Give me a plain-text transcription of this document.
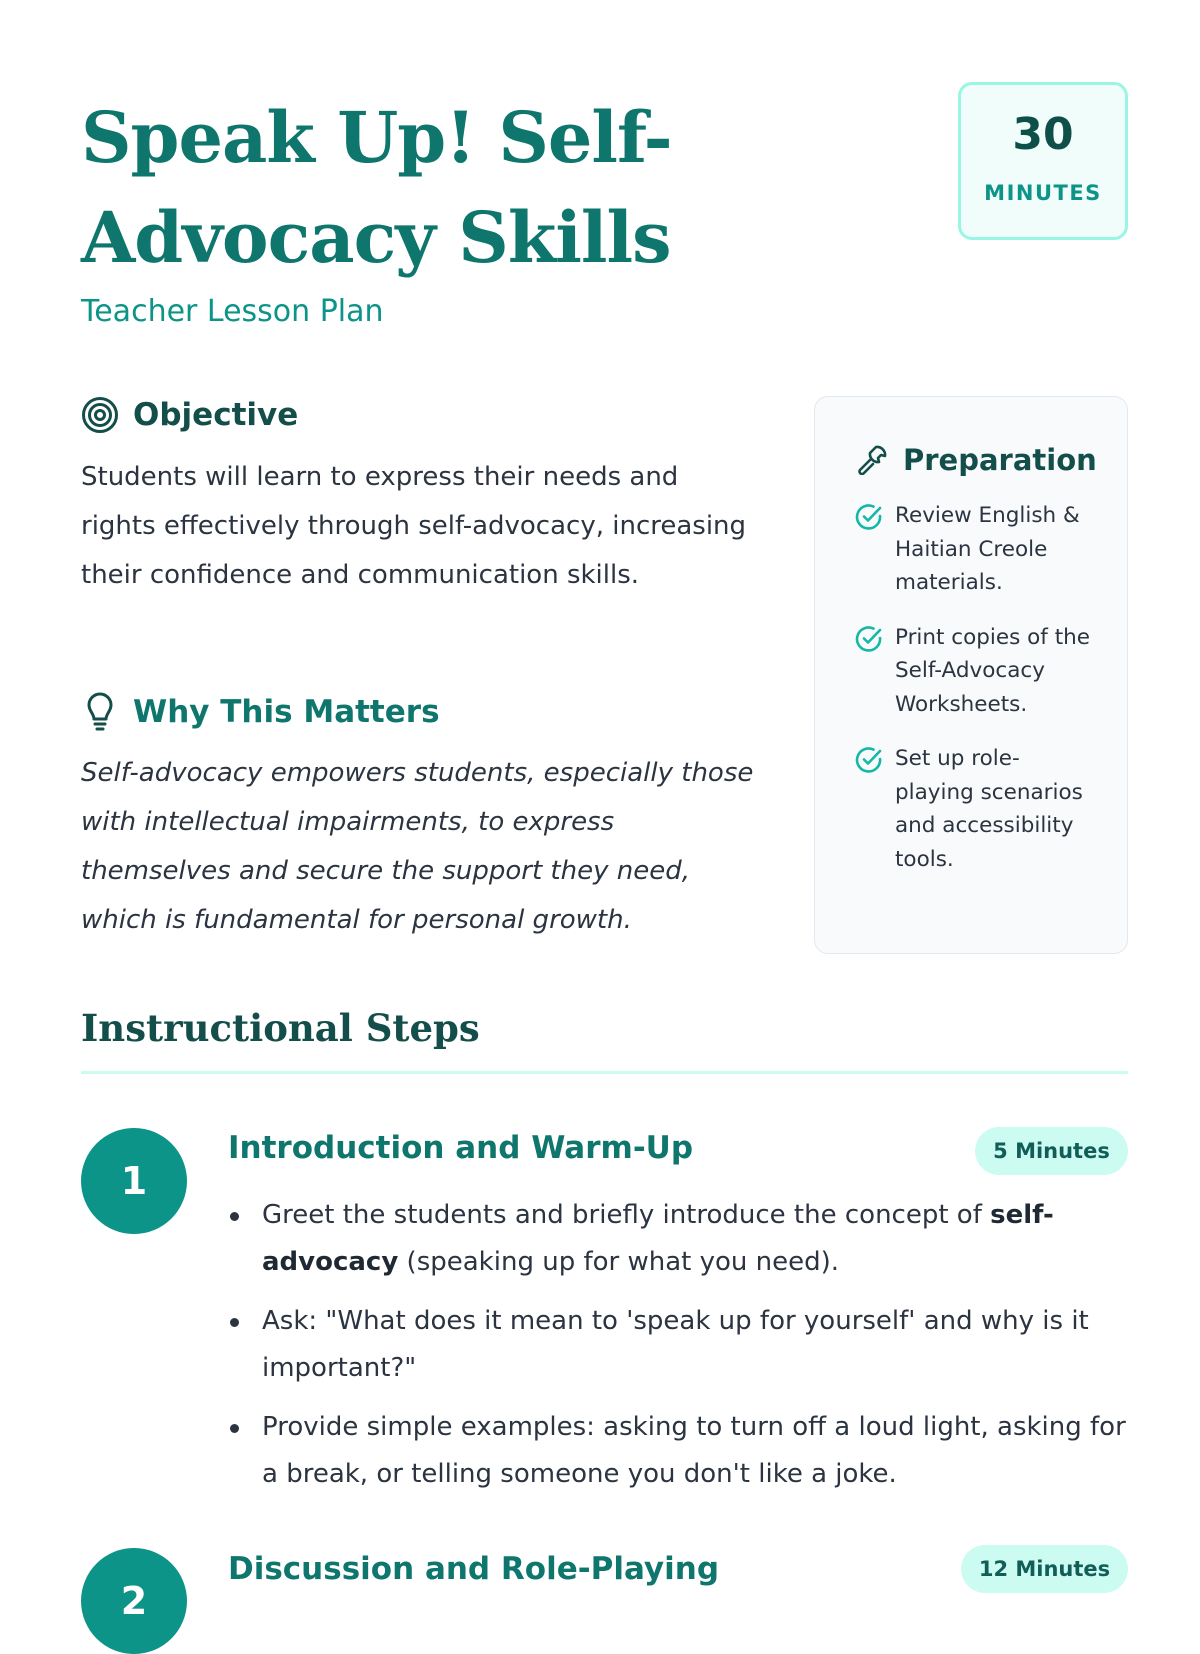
Speak Up! Self-Advocacy Skills

Teacher Lesson Plan

30
MINUTES
Objective

Students will learn to express their needs and rights effectively through self-advocacy, increasing their confidence and communication skills.

Why This Matters

Self-advocacy empowers students, especially those with intellectual impairments, to express themselves and secure the support they need, which is fundamental for personal growth.

Preparation
Review English & Haitian Creole materials.
Print copies of the Self-Advocacy Worksheets.
Set up role-playing scenarios and accessibility tools.
Instructional Steps
1
Introduction and Warm-Up	5 Minutes
Greet the students and briefly introduce the concept of self-advocacy (speaking up for what you need).
Ask: "What does it mean to 'speak up for yourself' and why is it important?"
Provide simple examples: asking to turn off a loud light, asking for a break, or telling someone you don't like a joke.
2
Discussion and Role-Playing	12 Minutes
